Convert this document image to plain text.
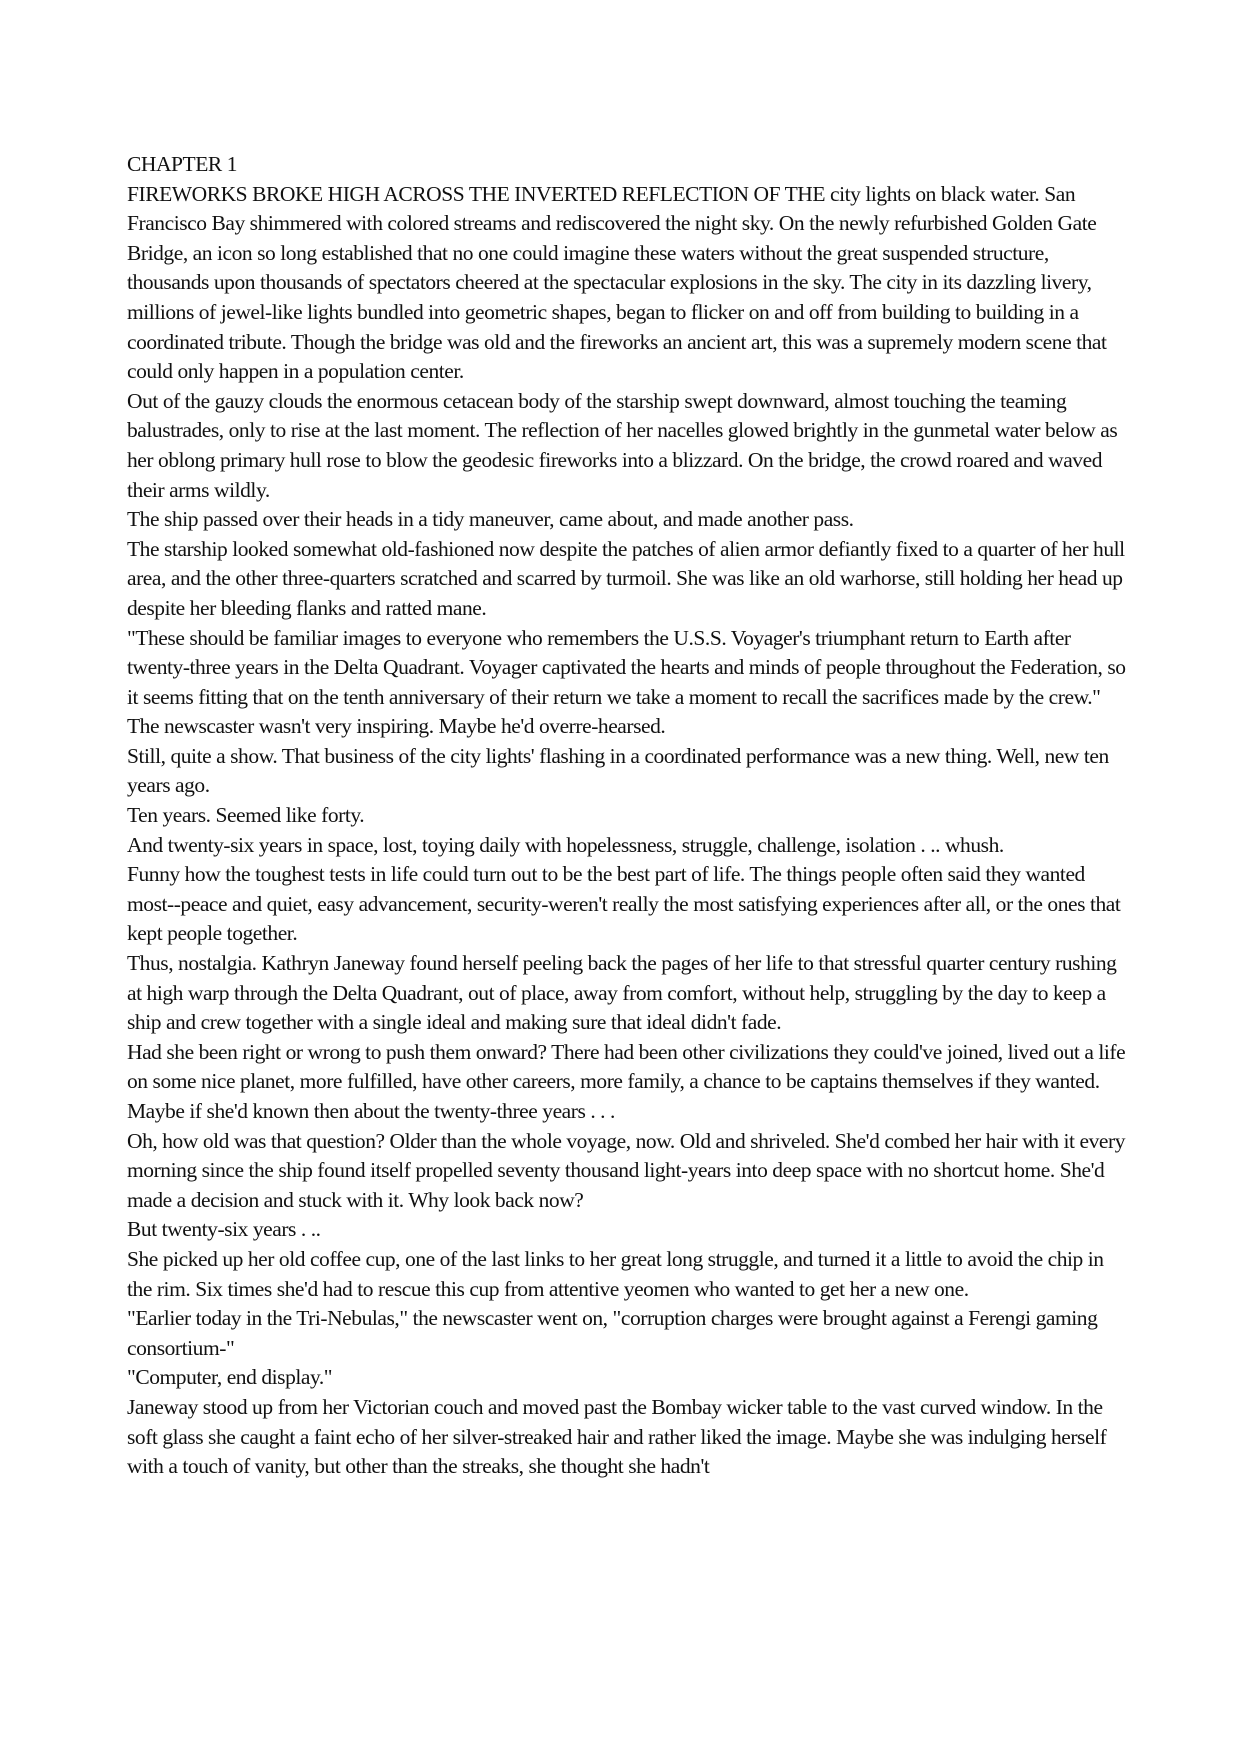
CHAPTER 1

FIREWORKS BROKE HIGH ACROSS THE INVERTED REFLECTION OF THE city lights on black water. San Francisco Bay shimmered with colored streams and rediscovered the night sky. On the newly refurbished Golden Gate Bridge, an icon so long established that no one could imagine these waters without the great suspended structure, thousands upon thousands of spectators cheered at the spectacular explosions in the sky. The city in its dazzling livery, millions of jewel-like lights bundled into geometric shapes, began to flicker on and off from building to building in a coordinated tribute. Though the bridge was old and the fireworks an ancient art, this was a supremely modern scene that could only happen in a population center.

Out of the gauzy clouds the enormous cetacean body of the starship swept downward, almost touching the teaming balustrades, only to rise at the last moment. The reflection of her nacelles glowed brightly in the gunmetal water below as her oblong primary hull rose to blow the geodesic fireworks into a blizzard. On the bridge, the crowd roared and waved their arms wildly.

The ship passed over their heads in a tidy maneuver, came about, and made another pass.

The starship looked somewhat old-fashioned now despite the patches of alien armor defiantly fixed to a quarter of her hull area, and the other three-quarters scratched and scarred by turmoil. She was like an old warhorse, still holding her head up despite her bleeding flanks and ratted mane.

"These should be familiar images to everyone who remembers the U.S.S. Voyager's triumphant return to Earth after twenty-three years in the Delta Quadrant. Voyager captivated the hearts and minds of people throughout the Federation, so it seems fitting that on the tenth anniversary of their return we take a moment to recall the sacrifices made by the crew."

The newscaster wasn't very inspiring. Maybe he'd overre-hearsed.

Still, quite a show. That business of the city lights' flashing in a coordinated performance was a new thing. Well, new ten years ago.

Ten years. Seemed like forty.

And twenty-six years in space, lost, toying daily with hopelessness, struggle, challenge, isolation . .. whush.

Funny how the toughest tests in life could turn out to be the best part of life. The things people often said they wanted most--peace and quiet, easy advancement, security-weren't really the most satisfying experiences after all, or the ones that kept people together.

Thus, nostalgia. Kathryn Janeway found herself peeling back the pages of her life to that stressful quarter century rushing at high warp through the Delta Quadrant, out of place, away from comfort, without help, struggling by the day to keep a ship and crew together with a single ideal and making sure that ideal didn't fade.

Had she been right or wrong to push them onward? There had been other civilizations they could've joined, lived out a life on some nice planet, more fulfilled, have other careers, more family, a chance to be captains themselves if they wanted. Maybe if she'd known then about the twenty-three years . . .

Oh, how old was that question? Older than the whole voyage, now. Old and shriveled. She'd combed her hair with it every morning since the ship found itself propelled seventy thousand light-years into deep space with no shortcut home. She'd made a decision and stuck with it. Why look back now?

But twenty-six years . ..

She picked up her old coffee cup, one of the last links to her great long struggle, and turned it a little to avoid the chip in the rim. Six times she'd had to rescue this cup from attentive yeomen who wanted to get her a new one.

"Earlier today in the Tri-Nebulas," the newscaster went on, "corruption charges were brought against a Ferengi gaming consortium-"

"Computer, end display."

Janeway stood up from her Victorian couch and moved past the Bombay wicker table to the vast curved window. In the soft glass she caught a faint echo of her silver-streaked hair and rather liked the image. Maybe she was indulging herself with a touch of vanity, but other than the streaks, she thought she hadn't
